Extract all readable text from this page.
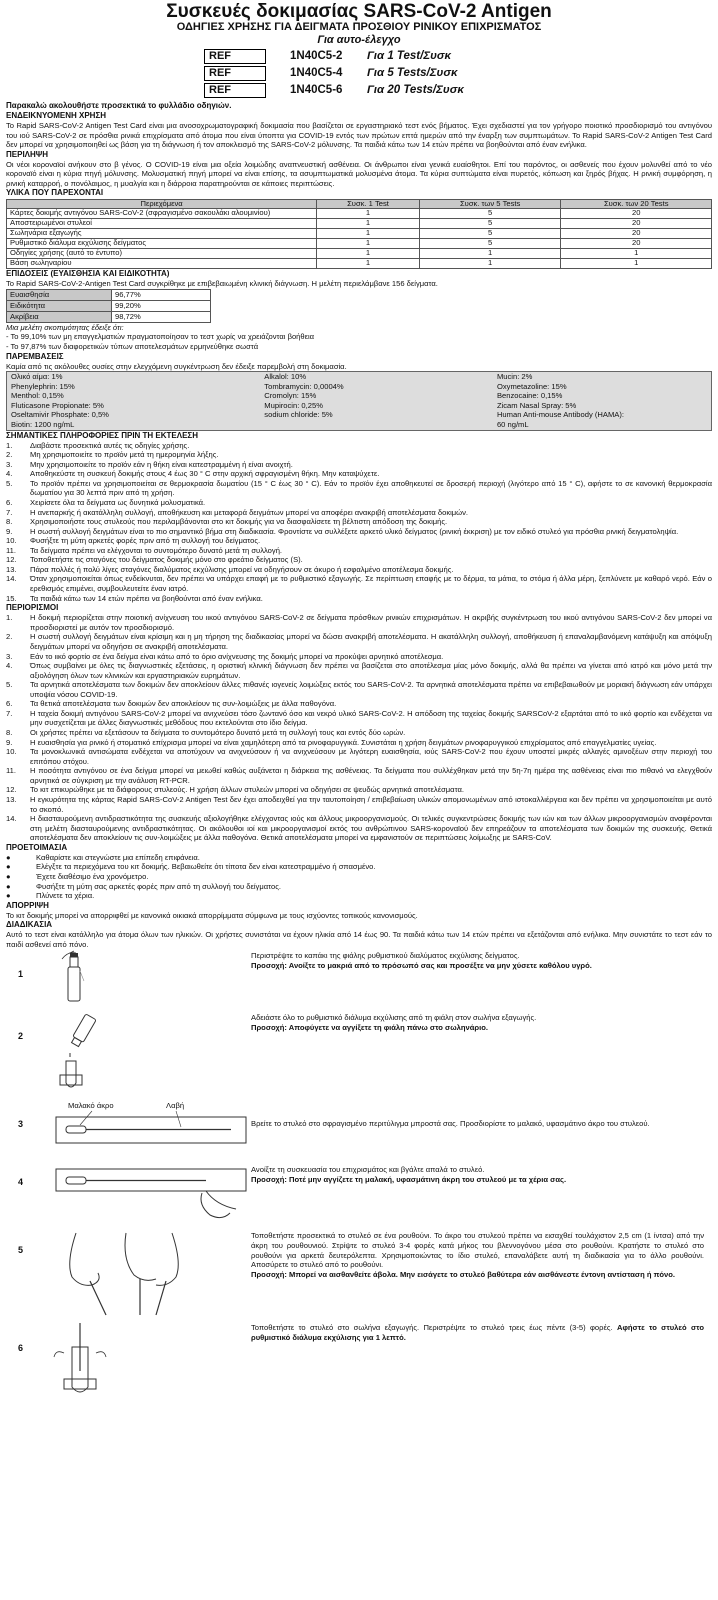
Συσκευές δοκιμασίας SARS-CoV-2 Antigen
ΟΔΗΓΙΕΣ ΧΡΗΣΗΣ ΓΙΑ ΔΕΙΓΜΑΤΑ ΠΡΟΣΘΙΟΥ ΡΙΝΙΚΟΥ ΕΠΙΧΡΙΣΜΑΤΟΣ
Για αυτο-έλεγχο
REF	1N40C5-2	Για 1 Test/Συσκ
REF	1N40C5-4	Για 5 Tests/Συσκ
REF	1N40C5-6	Για 20 Tests/Συσκ
Παρακαλώ ακολουθήστε προσεκτικά το φυλλάδιο οδηγιών.
ΕΝΔΕΙΚΝΥΟΜΕΝΗ ΧΡΗΣΗ

Το Rapid SARS-CoV-2 Antigen Test Card είναι μια ανοσοχρωματογραφική δοκιμασία που βασίζεται σε εργαστηριακό τεστ ενός βήματος. Έχει σχεδιαστεί για τον γρήγορο ποιοτικό προσδιορισμό του αντιγόνου του ιού SARS-CoV-2 σε πρόσθια ρινικά επιχρίσματα από άτομα που είναι ύποπτα για COVID-19 εντός των πρώτων επτά ημερών από την έναρξη των συμπτωμάτων. Το Rapid SARS-CoV-2 Antigen Test Card δεν μπορεί να χρησιμοποιηθεί ως βάση για τη διάγνωση ή τον αποκλεισμό της SARS-CoV-2 μόλυνσης. Τα παιδιά κάτω των 14 ετών πρέπει να βοηθούνται από έναν ενήλικα.

ΠΕΡΙΛΗΨΗ

Οι νέοι κοροναϊοί ανήκουν στο β γένος. Ο COVID-19 είναι μια οξεία λοιμώδης αναπνευστική ασθένεια. Οι άνθρωποι είναι γενικά ευαίσθητοι. Επί του παρόντος, οι ασθενείς που έχουν μολυνθεί από το νέο κοροναϊό είναι η κύρια πηγή μόλυνσης. Μολυσματική πηγή μπορεί να είναι επίσης, τα ασυμπτωματικά μολυσμένα άτομα. Τα κύρια συπτώματα είναι πυρετός, κόπωση και ξηρός βήχας. Η ρινική συμφόρηση, η ρινική καταρροή, ο πονόλαιμος, η μυαλγία και η διάρροια παρατηρούνται σε κάποιες περιπτώσεις.

ΥΛΙΚΑ ΠΟΥ ΠΑΡΕΧΟΝΤΑΙ
Περιεχόμενα	Συσκ. 1 Test	Συσκ. των 5 Tests	Συσκ. των 20 Tests
Κάρτες δοκιμής αντιγόνου SARS-CoV-2 (σφραγισμένο σακουλάκι αλουμινίου)	1	5	20
Αποστειρωμένοι στυλεοί	1	5	20
Σωληνάρια εξαγωγής	1	5	20
Ρυθμιστικό διάλυμα εκχύλισης δείγματος	1	5	20
Οδηγίες χρήσης (αυτό το έντυπο)	1	1	1
Βάση σωληναρίου	1	1	1
ΕΠΙΔΟΣΕΙΣ (ΕΥΑΙΣΘΗΣΙΑ ΚΑΙ ΕΙΔΙΚΟΤΗΤΑ)

Το Rapid SARS-CoV-2-Antigen Test Card συγκρίθηκε με επιβεβαιωμένη κλινική διάγνωση. Η μελέτη περιελάμβανε 156 δείγματα.

Ευαισθησία	96,77%
Ειδικότητα	99,20%
Ακρίβεια	98,72%
Μια μελέτη σκοπιμότητας έδειξε ότι:
- Το 99,10% των μη επαγγελματιών πραγματοποίησαν το τεστ χωρίς να χρειάζονται βοήθεια
- Το 97,87% των διαφορετικών τύπων αποτελεσμάτων ερμηνεύθηκε σωστά
ΠΑΡΕΜΒΑΣΕΙΣ

Καμία από τις ακόλουθες ουσίες στην ελεγχόμενη συγκέντρωση δεν έδειξε παρεμβολή στη δοκιμασία.

Ολικό αίμα: 1%	Alkalol: 10%	Mucin: 2%
Phenylephrin: 15%	Tombramycin: 0,0004%	Oxymetazoline: 15%
Menthol: 0,15%	Cromolyn: 15%	Benzocaine: 0,15%
Fluticasone Propionate: 5%	Mupirocin: 0,25%	Zicam Nasal Spray: 5%
Oseltamivir Phosphate: 0,5%	sodium chloride: 5%	Human Anti-mouse Antibody (HAMA):
Biotin: 1200 ng/mL		60 ng/mL
ΣΗΜΑΝΤΙΚΕΣ ΠΛΗΡΟΦΟΡΙΕΣ ΠΡΙΝ ΤΗ ΕΚΤΕΛΕΣΗ
1.	Διαβάστε προσεκτικά αυτές τις οδηγίες χρήσης.
2.	Μη χρησιμοποιείτε το προϊόν μετά τη ημερομηνία λήξης.
3.	Μην χρησιμοποιείτε το προϊόν εάν η θήκη είναι κατεστραμμένη ή είναι ανοιχτή.
4.	Αποθηκεύστε τη συσκευή δοκιμής στους 4 έως 30 ° C στην αρχική σφραγισμένη θήκη. Μην καταψύχετε.
5.	Το προϊόν πρέπει να χρησιμοποιείται σε θερμοκρασία δωματίου (15 ° C έως 30 ° C). Εάν το προϊόν έχει αποθηκευτεί σε δροσερή περιοχή (λιγότερο από 15 ° C), αφήστε το σε κανονική θερμοκρασία δωματίου για 30 λεπτά πριν από τη χρήση.
6.	Χειρίσετε όλα τα δείγματα ως δυνητικά μολυσματικά.
7.	Η ανεπαρκής ή ακατάλληλη συλλογή, αποθήκευση και μεταφορά δειγμάτων μπορεί να αποφέρει ανακριβή αποτελέσματα δοκιμών.
8.	Χρησιμοποιήστε τους στυλεούς που περιλαμβάνονται στο κιτ δοκιμής για να διασφαλίσετε τη βέλτιστη απόδοση της δοκιμής.
9.	Η σωστή συλλογή δειγμάτων είναι το πιο σημαντικό βήμα στη διαδικασία. Φροντίστε να συλλέξετε αρκετό υλικό δείγματος (ρινική έκκριση) με τον ειδικό στυλεό για πρόσθια ρινική δειγματοληψία.
10.	Φυσήξτε τη μύτη αρκετές φορές πριν από τη συλλογή του δείγματος.
11.	Τα δείγματα πρέπει να ελέγχονται το συντομότερο δυνατό μετά τη συλλογή.
12.	Τοποθετήστε τις σταγόνες του δείγματος δοκιμής μόνο στο φρεάτιο δείγματος (S).
13.	Πάρα πολλές ή πολύ λίγες σταγόνες διαλύματος εκχύλισης μπορεί να οδηγήσουν σε άκυρο ή εσφαλμένο αποτέλεσμα δοκιμής.
14.	Όταν χρησιμοποιείται όπως ενδείκνυται, δεν πρέπει να υπάρχει επαφή με το ρυθμιστικό εξαγωγής. Σε περίπτωση επαφής με το δέρμα, τα μάτια, το στόμα ή άλλα μέρη, ξεπλύνετε με καθαρό νερό. Εάν ο ερεθισμός επιμένει, συμβουλευτείτε έναν ιατρό.
15.	Τα παιδιά κάτω των 14 ετών πρέπει να βοηθούνται από έναν ενήλικα.
ΠΕΡΙΟΡΙΣΜΟΙ
1.	Η δοκιμή περιορίζεται στην ποιοτική ανίχνευση του ιικού αντιγόνου SARS-CoV-2 σε δείγματα πρόσθιων ρινικών επιχρισμάτων. Η ακριβής συγκέντρωση του ιικού αντιγόνου SARS-CoV-2 δεν μπορεί να προσδιοριστεί με αυτόν τον προσδιορισμό.
2.	Η σωστή συλλογή δειγμάτων είναι κρίσιμη και η μη τήρηση της διαδικασίας μπορεί να δώσει ανακριβή αποτελέσματα. Η ακατάλληλη συλλογή, αποθήκευση ή επαναλαμβανόμενη κατάψυξη και απόψυξη δειγμάτων μπορεί να οδηγήσει σε ανακριβή αποτελέσματα.
3.	Εάν το ιικό φορτίο σε ένα δείγμα είναι κάτω από το όριο ανίχνευσης της δοκιμής μπορεί να προκύψει αρνητικό αποτέλεσμα.
4.	Όπως συμβαίνει με όλες τις διαγνωστικές εξετάσεις, η οριστική κλινική διάγνωση δεν πρέπει να βασίζεται στο αποτέλεσμα μίας μόνο δοκιμής, αλλά θα πρέπει να γίνεται από ιατρό και μόνο μετά την αξιολόγηση όλων των κλινικών και εργαστηριακών ευρημάτων.
5.	Τα αρνητικά αποτελέσματα των δοκιμών δεν αποκλείουν άλλες πιθανές ιογενείς λοιμώξεις εκτός του SARS-CoV-2. Τα αρνητικά αποτελέσματα πρέπει να επιβεβαιωθούν με μοριακή διάγνωση εάν υπάρχει υποψία νόσου COVID-19.
6.	Τα θετικά αποτελέσματα των δοκιμών δεν αποκλείουν τις συν-λοιμώξεις με άλλα παθογόνα.
7.	Η ταχεία δοκιμή αντιγόνου SARS-CoV-2 μπορεί να ανιχνεύσει τόσο ζωντανό όσο και νεκρό υλικό SARS-CoV-2. Η απόδοση της ταχείας δοκιμής SARSCoV-2 εξαρτάται από το ιικό φορτίο και ενδέχεται να μην συσχετίζεται με άλλες διαγνωστικές μεθόδους που εκτελούνται στο ίδιο δείγμα.
8.	Οι χρήστες πρέπει να εξετάσουν τα δείγματα το συντομότερο δυνατό μετά τη συλλογή τους και εντός δύο ωρών.
9.	Η ευαισθησία για ρινικό ή στοματικό επίχρισμα μπορεί να είναι χαμηλότερη από τα ρινοφαρυγγικά. Συνιστάται η χρήση δειγμάτων ρινοφαρυγγικού επιχρίσματος από επαγγελματίες υγείας.
10.	Τα μονοκλωνικά αντισώματα ενδέχεται να αποτύχουν να ανιχνεύσουν ή να ανιχνεύσουν με λιγότερη ευαισθησία, ιούς SARS-CoV-2 που έχουν υποστεί μικρές αλλαγές αμινοξέων στην περιοχή του επιτόπου στόχου.
11.	Η ποσότητα αντιγόνου σε ένα δείγμα μπορεί να μειωθεί καθώς αυξάνεται η διάρκεια της ασθένειας. Τα δείγματα που συλλέχθηκαν μετά την 5η-7η ημέρα της ασθένειας είναι πιο πιθανό να ελεγχθούν αρνητικά σε σύγκριση με την ανάλυση RT-PCR.
12.	Το κιτ επικυρώθηκε με τα διάφορους στυλεούς. Η χρήση άλλων στυλεών μπορεί να οδηγήσει σε ψευδώς αρνητικά αποτελέσματα.
13.	Η εγκυρότητα της κάρτας Rapid SARS-CoV-2 Antigen Test δεν έχει αποδειχθεί για την ταυτοποίηση / επιβεβαίωση υλικών απομονωμένων από ιστοκαλλιέργεια και δεν πρέπει να χρησιμοποιείται με αυτό το σκοπό.
14.	Η διασταυρούμενη αντιδραστικότητα της συσκευής αξιολογήθηκε ελέγχοντας ιούς και άλλους μικροοργανισμούς. Οι τελικές συγκεντρώσεις δοκιμής των ιών και των άλλων μικροοργανισμών αναφέρονται στη μελέτη διασταυρούμενης αντιδραστικότητας. Οι ακόλουθοι ιοί και μικροοργανισμοί εκτός του ανθρώπινου SARS-κοροναϊού δεν επηρεάζουν τα αποτελέσματα των δοκιμών της συσκευής. Θετικά αποτελέσματα δεν αποκλείουν τις συν-λοιμώξεις με άλλα παθογόνα. Θετικά αποτελέσματα μπορεί να εμφανιστούν σε περιπτώσεις λοίμωξης με SARS-CoV.
ΠΡΟΕΤΟΙΜΑΣΙΑ
●	Καθαρίστε και στεγνώστε μια επίπεδη επιφάνεια.
●	Ελέγξτε τα περιεχόμενα του κιτ δοκιμής. Βεβαιωθείτε ότι τίποτα δεν είναι κατεστραμμένο ή σπασμένο.
●	Έχετε διαθέσιμο ένα χρονόμετρο.
●	Φυσήξτε τη μύτη σας αρκετές φορές πριν από τη συλλογή του δείγματος.
●	Πλύνετε τα χέρια.
ΑΠΟΡΡΙΨΗ

Το κιτ δοκιμής μπορεί να απορριφθεί με κανονικά οικιακά απορρίμματα σύμφωνα με τους ισχύοντες τοπικούς κανονισμούς.

ΔΙΑΔΙΚΑΣΙΑ

Αυτό το τεστ είναι κατάλληλο για άτομα όλων των ηλικιών. Οι χρήστες συνιστάται να έχουν ηλικία από 14 έως 90. Τα παιδιά κάτω των 14 ετών πρέπει να εξετάζονται από ενήλικα. Μην συνιστάτε το τεστ εάν το παιδί ασθενεί από πόνο.

1
Περιστρέψτε το καπάκι της φιάλης ρυθμιστικού διαλύματος εκχύλισης δείγματος.
Προσοχή: Ανοίξτε το μακριά από το πρόσωπό σας και προσέξτε να μην χύσετε καθόλου υγρό.
2
Αδειάστε όλο το ρυθμιστικό διάλυμα εκχύλισης από τη φιάλη στον σωλήνα εξαγωγής.
Προσοχή: Αποφύγετε να αγγίξετε τη φιάλη πάνω στο σωληνάριο.
3
Μαλακό άκρο	Λαβή
Βρείτε το στυλεό στο σφραγισμένο περιτύλιγμα μπροστά σας. Προσδιορίστε το μαλακό, υφασμάτινο άκρο του στυλεού.
4
Ανοίξτε τη συσκευασία του επιχρισμάτος και βγάλτε απαλά το στυλεό.
Προσοχή: Ποτέ μην αγγίζετε τη μαλακή, υφασμάτινη άκρη του στυλεού με τα χέρια σας.
5
Τοποθετήστε προσεκτικά το στυλεό σε ένα ρουθούνι. Το άκρο του στυλεού πρέπει να εισαχθεί τουλάχιστον 2,5 cm (1 ίντσα) από την άκρη του ρουθουνιού. Στρίψτε το στυλεό 3-4 φορές κατά μήκος του βλεννογόνου μέσα στο ρουθούνι. Κρατήστε το στυλεό στο ρουθούνι για αρκετά δευτερόλεπτα. Χρησιμοποιώντας το ίδιο στυλεό, επαναλάβετε αυτή τη διαδικασία για το άλλο ρουθούνι. Αποσύρετε το στυλεό από το ρουθούνι.
Προσοχή: Μπορεί να αισθανθείτε άβολα. Μην εισάγετε το στυλεό βαθύτερα εάν αισθάνεστε έντονη αντίσταση ή πόνο.
6
Τοποθετήστε το στυλεό στο σωλήνα εξαγωγής. Περιστρέψτε το στυλεό τρεις έως πέντε (3-5) φορές. Αφήστε το στυλεό στο ρυθμιστικό διάλυμα εκχύλισης για 1 λεπτό.
